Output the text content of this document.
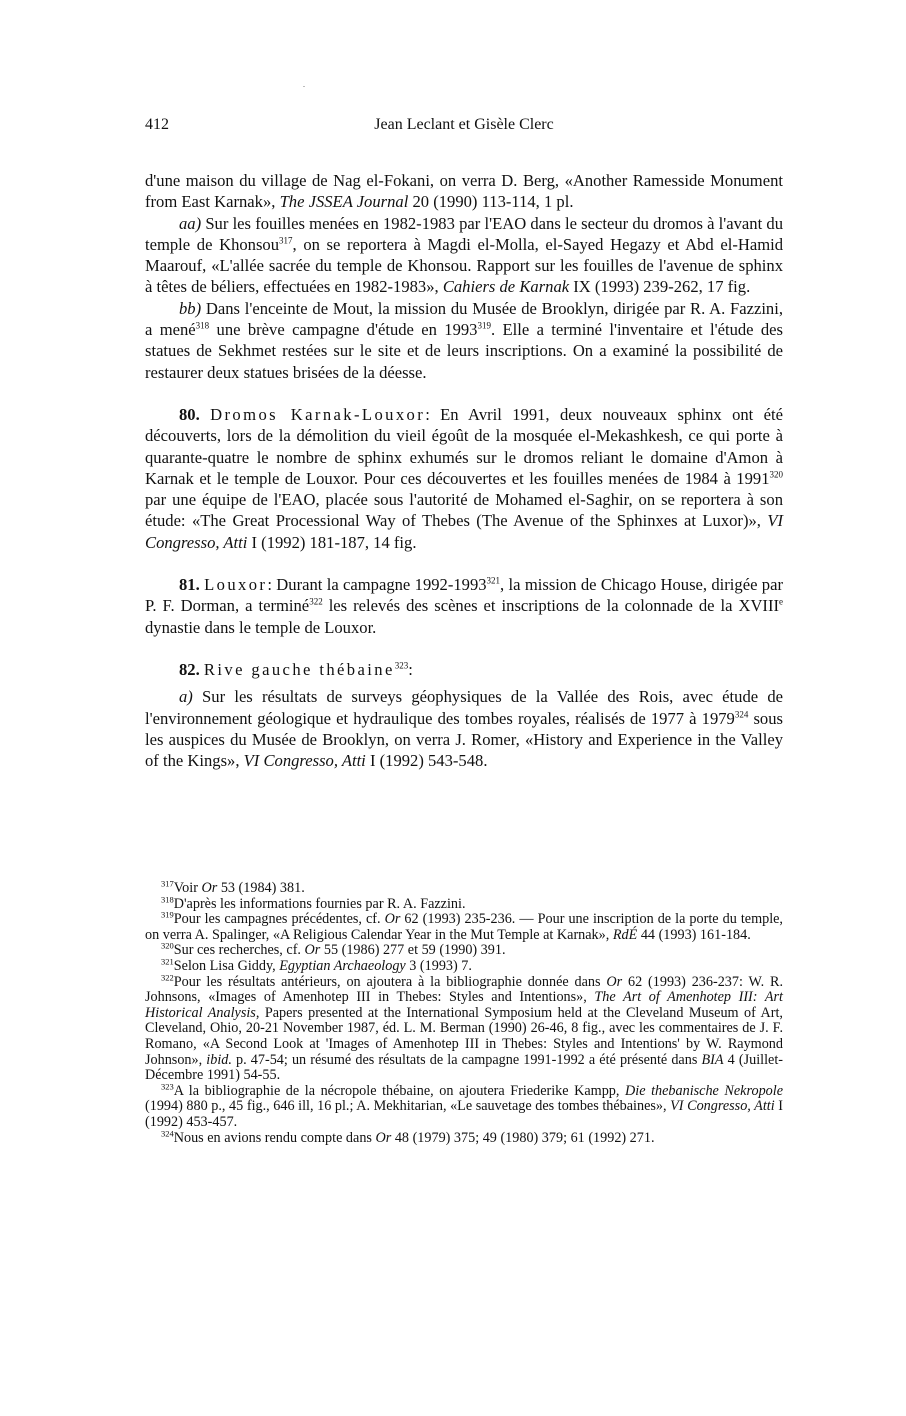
412	Jean Leclant et Gisèle Clerc

d'une maison du village de Nag el-Fokani, on verra D. Berg, «Another Ramesside Monument from East Karnak», The JSSEA Journal 20 (1990) 113-114, 1 pl.

aa) Sur les fouilles menées en 1982-1983 par l'EAO dans le secteur du dromos à l'avant du temple de Khonsou$^{317}$, on se reportera à Magdi el-Molla, el-Sayed Hegazy et Abd el-Hamid Maarouf, «L'allée sacrée du temple de Khonsou. Rapport sur les fouilles de l'avenue de sphinx à têtes de béliers, effectuées en 1982-1983», Cahiers de Karnak IX (1993) 239-262, 17 fig.

bb) Dans l'enceinte de Mout, la mission du Musée de Brooklyn, dirigée par R. A. Fazzini, a mené$^{318}$ une brève campagne d'étude en 1993$^{319}$. Elle a terminé l'inventaire et l'étude des statues de Sekhmet restées sur le site et de leurs inscriptions. On a examiné la possibilité de restaurer deux statues brisées de la déesse.

80. Dromos Karnak-Louxor: En Avril 1991, deux nouveaux sphinx ont été découverts, lors de la démolition du vieil égoût de la mosquée el-Mekashkesh, ce qui porte à quarante-quatre le nombre de sphinx exhumés sur le dromos reliant le domaine d'Amon à Karnak et le temple de Louxor. Pour ces découvertes et les fouilles menées de 1984 à 1991$^{320}$ par une équipe de l'EAO, placée sous l'autorité de Mohamed el-Saghir, on se reportera à son étude: «The Great Processional Way of Thebes (The Avenue of the Sphinxes at Luxor)», VI Congresso, Atti I (1992) 181-187, 14 fig.

81. Louxor: Durant la campagne 1992-1993$^{321}$, la mission de Chicago House, dirigée par P. F. Dorman, a terminé$^{322}$ les relevés des scènes et inscriptions de la colonnade de la XVIIIe dynastie dans le temple de Louxor.

82. Rive gauche thébaine$^{323}$:

a) Sur les résultats de surveys géophysiques de la Vallée des Rois, avec étude de l'environnement géologique et hydraulique des tombes royales, réalisés de 1977 à 1979$^{324}$ sous les auspices du Musée de Brooklyn, on verra J. Romer, «History and Experience in the Valley of the Kings», VI Congresso, Atti I (1992) 543-548.

$^{317}$Voir Or 53 (1984) 381.

$^{318}$D'après les informations fournies par R. A. Fazzini.

$^{319}$Pour les campagnes précédentes, cf. Or 62 (1993) 235-236. — Pour une inscription de la porte du temple, on verra A. Spalinger, «A Religious Calendar Year in the Mut Temple at Karnak», RdÉ 44 (1993) 161-184.

$^{320}$Sur ces recherches, cf. Or 55 (1986) 277 et 59 (1990) 391.

$^{321}$Selon Lisa Giddy, Egyptian Archaeology 3 (1993) 7.

$^{322}$Pour les résultats antérieurs, on ajoutera à la bibliographie donnée dans Or 62 (1993) 236-237: W. R. Johnsons, «Images of Amenhotep III in Thebes: Styles and Intentions», The Art of Amenhotep III: Art Historical Analysis, Papers presented at the International Symposium held at the Cleveland Museum of Art, Cleveland, Ohio, 20-21 November 1987, éd. L. M. Berman (1990) 26-46, 8 fig., avec les commentaires de J. F. Romano, «A Second Look at 'Images of Amenhotep III in Thebes: Styles and Intentions' by W. Raymond Johnson», ibid. p. 47-54; un résumé des résultats de la campagne 1991-1992 a été présenté dans BIA 4 (Juillet-Décembre 1991) 54-55.

$^{323}$A la bibliographie de la nécropole thébaine, on ajoutera Friederike Kampp, Die thebanische Nekropole (1994) 880 p., 45 fig., 646 ill, 16 pl.; A. Mekhitarian, «Le sauvetage des tombes thébaines», VI Congresso, Atti I (1992) 453-457.

$^{324}$Nous en avions rendu compte dans Or 48 (1979) 375; 49 (1980) 379; 61 (1992) 271.
